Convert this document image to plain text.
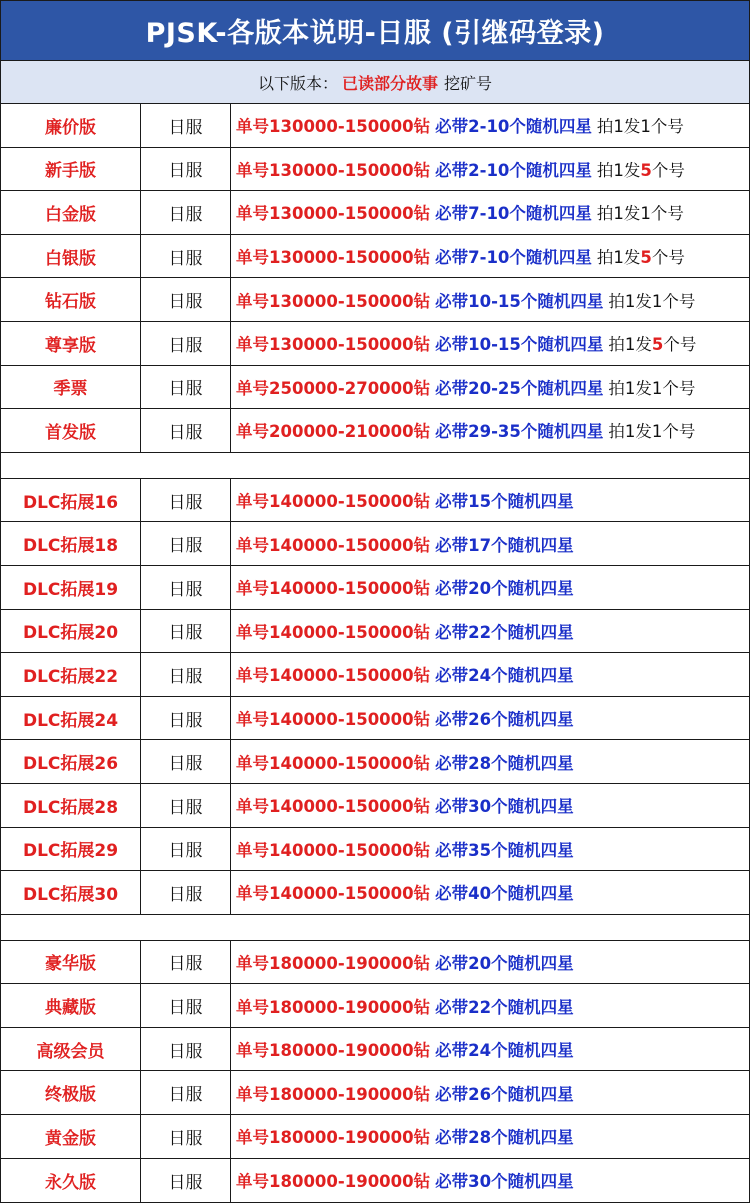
PJSK-各版本说明-日服 (引继码登录)
以下版本： 已读部分故事 挖矿号
廉价版	日服	单号130000-150000钻 必带2-10个随机四星 拍1发1个号
新手版	日服	单号130000-150000钻 必带2-10个随机四星 拍1发5个号
白金版	日服	单号130000-150000钻 必带7-10个随机四星 拍1发1个号
白银版	日服	单号130000-150000钻 必带7-10个随机四星 拍1发5个号
钻石版	日服	单号130000-150000钻 必带10-15个随机四星 拍1发1个号
尊享版	日服	单号130000-150000钻 必带10-15个随机四星 拍1发5个号
季票	日服	单号250000-270000钻 必带20-25个随机四星 拍1发1个号
首发版	日服	单号200000-210000钻 必带29-35个随机四星 拍1发1个号
DLC拓展16	日服	单号140000-150000钻 必带15个随机四星
DLC拓展18	日服	单号140000-150000钻 必带17个随机四星
DLC拓展19	日服	单号140000-150000钻 必带20个随机四星
DLC拓展20	日服	单号140000-150000钻 必带22个随机四星
DLC拓展22	日服	单号140000-150000钻 必带24个随机四星
DLC拓展24	日服	单号140000-150000钻 必带26个随机四星
DLC拓展26	日服	单号140000-150000钻 必带28个随机四星
DLC拓展28	日服	单号140000-150000钻 必带30个随机四星
DLC拓展29	日服	单号140000-150000钻 必带35个随机四星
DLC拓展30	日服	单号140000-150000钻 必带40个随机四星
豪华版	日服	单号180000-190000钻 必带20个随机四星
典藏版	日服	单号180000-190000钻 必带22个随机四星
高级会员	日服	单号180000-190000钻 必带24个随机四星
终极版	日服	单号180000-190000钻 必带26个随机四星
黄金版	日服	单号180000-190000钻 必带28个随机四星
永久版	日服	单号180000-190000钻 必带30个随机四星
